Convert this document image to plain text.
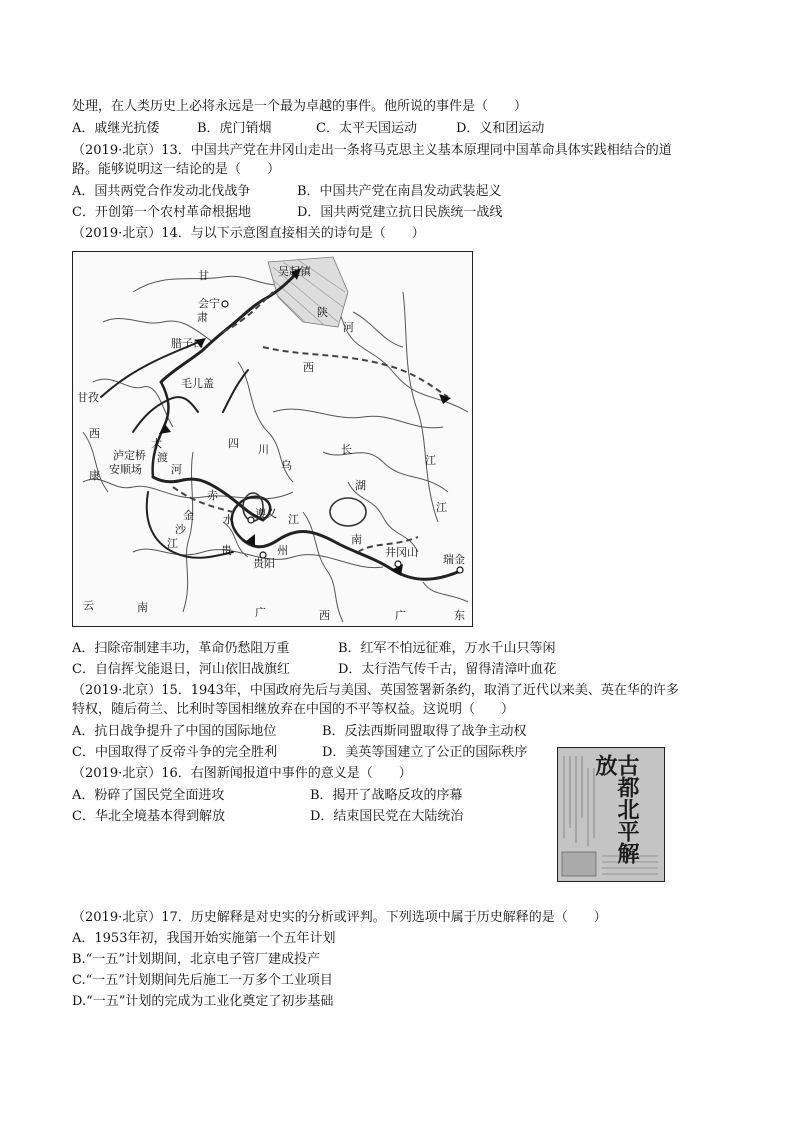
处理，在人类历史上必将永远是一个最为卓越的事件。他所说的事件是（　　）
A．戚继光抗倭	B．虎门销烟	C．太平天国运动	D．义和团运动
（2019·北京）13．中国共产党在井冈山走出一条将马克思主义基本原理同中国革命具体实践相结合的道
路。能够说明这一结论的是（　　）
A．国共两党合作发动北伐战争	B．中国共产党在南昌发动武装起义
C．开创第一个农村革命根据地	D．国共两党建立抗日民族统一战线
（2019·北京）14．与以下示意图直接相关的诗句是（　　）
甘	吴起镇
会宁
肃	陕
河
腊子口
西
毛儿盖
甘孜
西
康
泸定桥
安顺场
大
渡
河
四 川	长
乌	江
湖
江
金
沙
江
赤
水 遵义 江
南
井冈山
瑞金
贵	州
贵阳
云	南	广	西	广	东
A．扫除帝制建丰功，革命仍愁阻万重	B．红军不怕远征难，万水千山只等闲
C．自信挥戈能退日，河山依旧战旗红	D．太行浩气传千古，留得清漳叶血花
（2019·北京）15．1943年，中国政府先后与美国、英国签署新条约，取消了近代以来美、英在华的许多
特权，随后荷兰、比利时等国相继放弃在中国的不平等权益。这说明（　　）
A．抗日战争提升了中国的国际地位	B．反法西斯同盟取得了战争主动权
C．中国取得了反帝斗争的完全胜利	D．美英等国建立了公正的国际秩序
（2019·北京）16．右图新闻报道中事件的意义是（　　）
A．粉碎了国民党全面进攻	B．揭开了战略反攻的序幕
C．华北全境基本得到解放	D．结束国民党在大陆统治	古都北平解放
（2019·北京）17．历史解释是对史实的分析或评判。下列选项中属于历史解释的是（　　）
A．1953年初，我国开始实施第一个五年计划
B.“一五”计划期间，北京电子管厂建成投产
C.“一五”计划期间先后施工一万多个工业项目
D.“一五”计划的完成为工业化奠定了初步基础
